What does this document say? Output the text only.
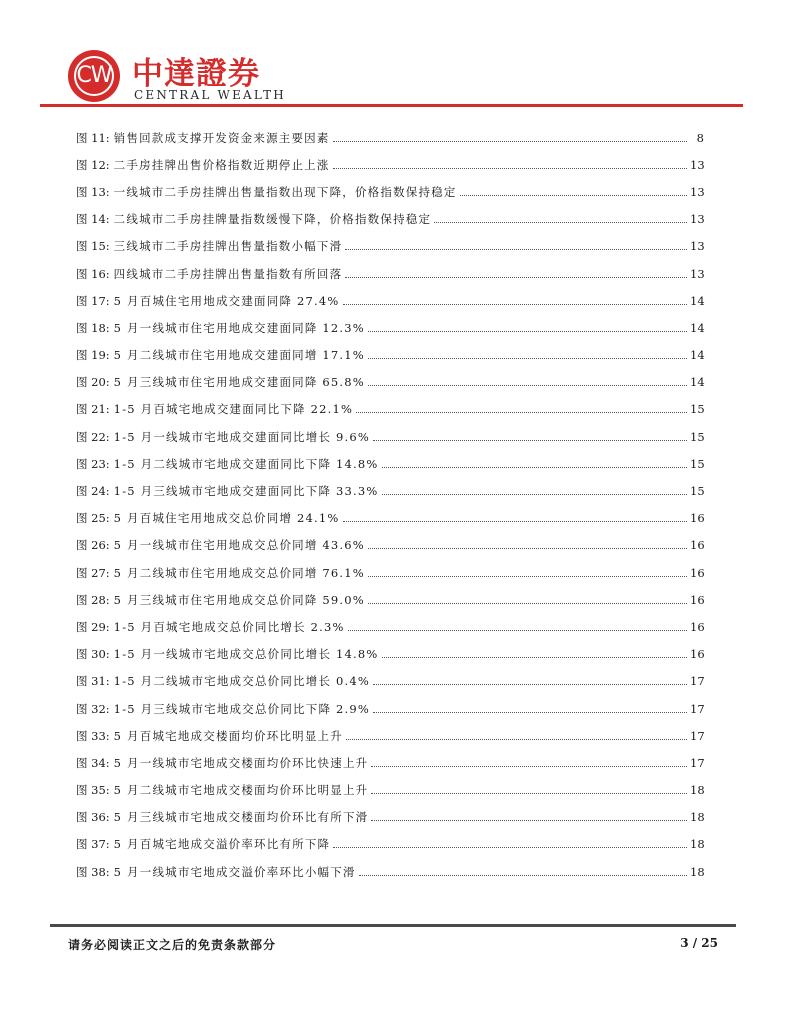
CW 中達證券
CENTRAL WEALTH
图 11: 销售回款成支撑开发资金来源主要因素	8
图 12: 二手房挂牌出售价格指数近期停止上涨	13
图 13: 一线城市二手房挂牌出售量指数出现下降，价格指数保持稳定	13
图 14: 二线城市二手房挂牌量指数缓慢下降，价格指数保持稳定	13
图 15: 三线城市二手房挂牌出售量指数小幅下滑	13
图 16: 四线城市二手房挂牌出售量指数有所回落	13
图 17: 5 月百城住宅用地成交建面同降 27.4%	14
图 18: 5 月一线城市住宅用地成交建面同降 12.3%	14
图 19: 5 月二线城市住宅用地成交建面同增 17.1%	14
图 20: 5 月三线城市住宅用地成交建面同降 65.8%	14
图 21: 1-5 月百城宅地成交建面同比下降 22.1%	15
图 22: 1-5 月一线城市宅地成交建面同比增长 9.6%	15
图 23: 1-5 月二线城市宅地成交建面同比下降 14.8%	15
图 24: 1-5 月三线城市宅地成交建面同比下降 33.3%	15
图 25: 5 月百城住宅用地成交总价同增 24.1%	16
图 26: 5 月一线城市住宅用地成交总价同增 43.6%	16
图 27: 5 月二线城市住宅用地成交总价同增 76.1%	16
图 28: 5 月三线城市住宅用地成交总价同降 59.0%	16
图 29: 1-5 月百城宅地成交总价同比增长 2.3%	16
图 30: 1-5 月一线城市宅地成交总价同比增长 14.8%	16
图 31: 1-5 月二线城市宅地成交总价同比增长 0.4%	17
图 32: 1-5 月三线城市宅地成交总价同比下降 2.9%	17
图 33: 5 月百城宅地成交楼面均价环比明显上升	17
图 34: 5 月一线城市宅地成交楼面均价环比快速上升	17
图 35: 5 月二线城市宅地成交楼面均价环比明显上升	18
图 36: 5 月三线城市宅地成交楼面均价环比有所下滑	18
图 37: 5 月百城宅地成交溢价率环比有所下降	18
图 38: 5 月一线城市宅地成交溢价率环比小幅下滑	18
请务必阅读正文之后的免责条款部分	3 / 25
